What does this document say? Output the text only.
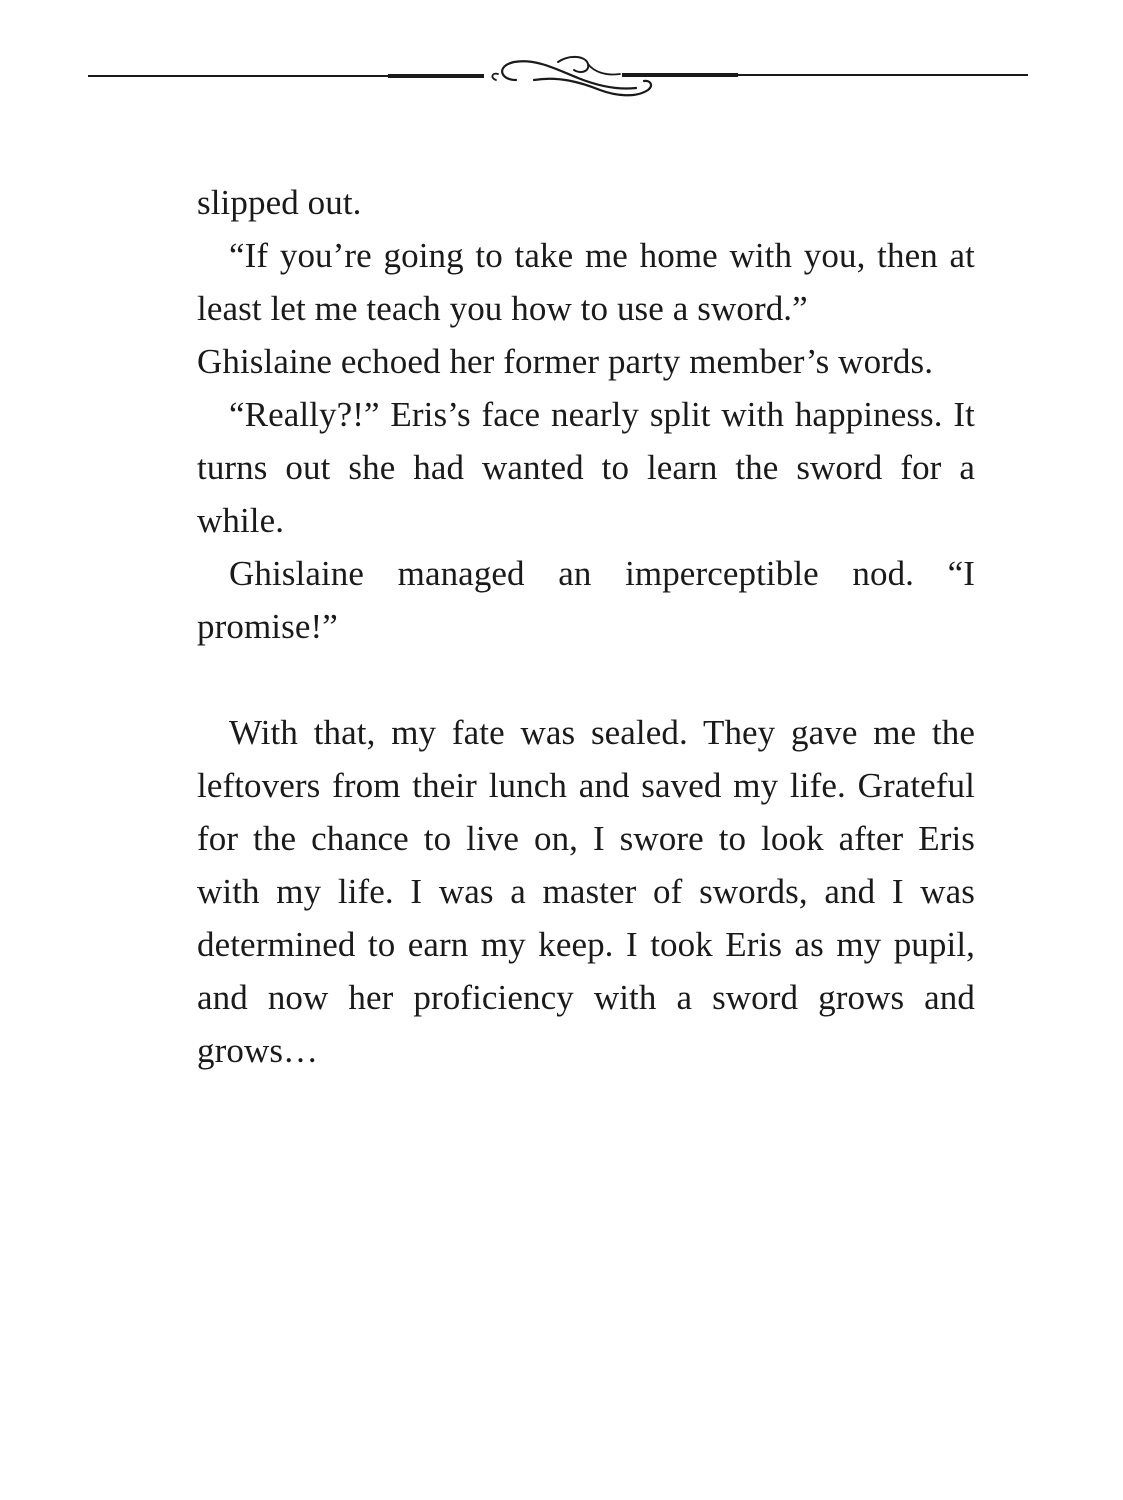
slipped out.

“If you’re going to take me home with you, then at least let me teach you how to use a sword.”

Ghislaine echoed her former party member’s words.

“Really?!” Eris’s face nearly split with happiness. It turns out she had wanted to learn the sword for a while.

Ghislaine managed an imperceptible nod. “I promise!”

With that, my fate was sealed. They gave me the leftovers from their lunch and saved my life. Grateful for the chance to live on, I swore to look after Eris with my life. I was a master of swords, and I was determined to earn my keep. I took Eris as my pupil, and now her proficiency with a sword grows and grows…
